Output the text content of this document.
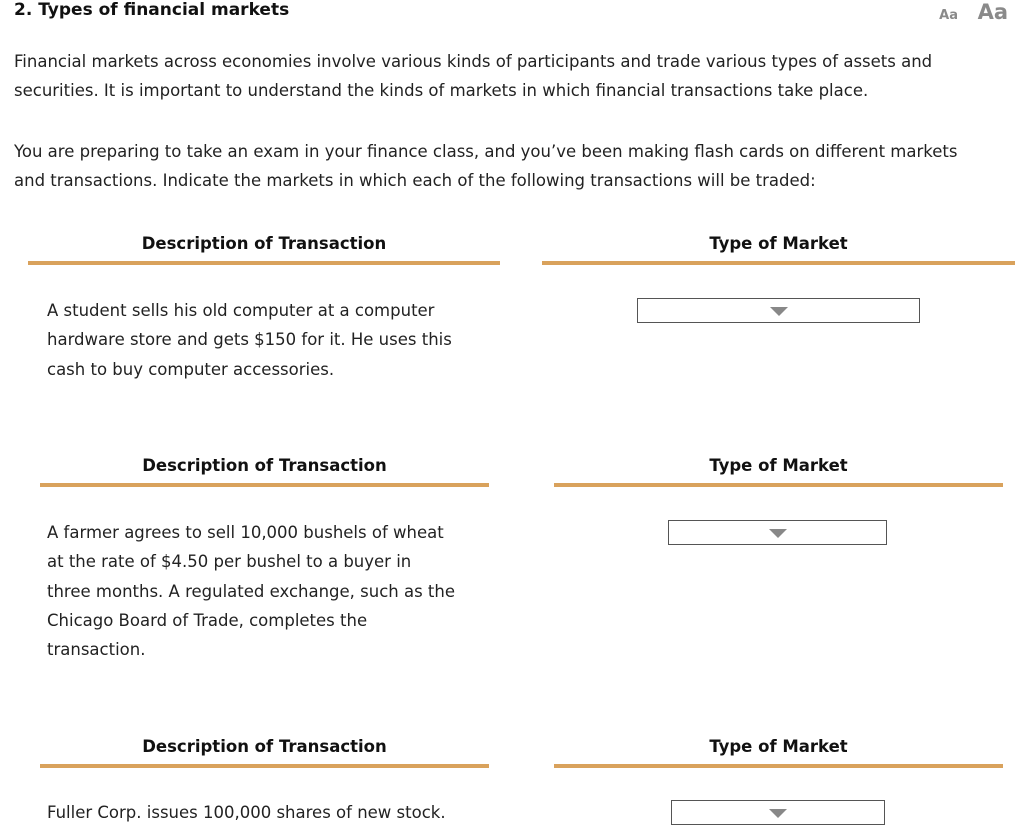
2. Types of financial markets	Aa Aa
Financial markets across economies involve various kinds of participants and trade various types of assets and
securities. It is important to understand the kinds of markets in which financial transactions take place.
You are preparing to take an exam in your finance class, and you’ve been making flash cards on different markets
and transactions. Indicate the markets in which each of the following transactions will be traded:
Description of Transaction	Type of Market
A student sells his old computer at a computer
hardware store and gets $150 for it. He uses this
cash to buy computer accessories.
Description of Transaction	Type of Market
A farmer agrees to sell 10,000 bushels of wheat
at the rate of $4.50 per bushel to a buyer in
three months. A regulated exchange, such as the
Chicago Board of Trade, completes the
transaction.
Description of Transaction	Type of Market
Fuller Corp. issues 100,000 shares of new stock.
